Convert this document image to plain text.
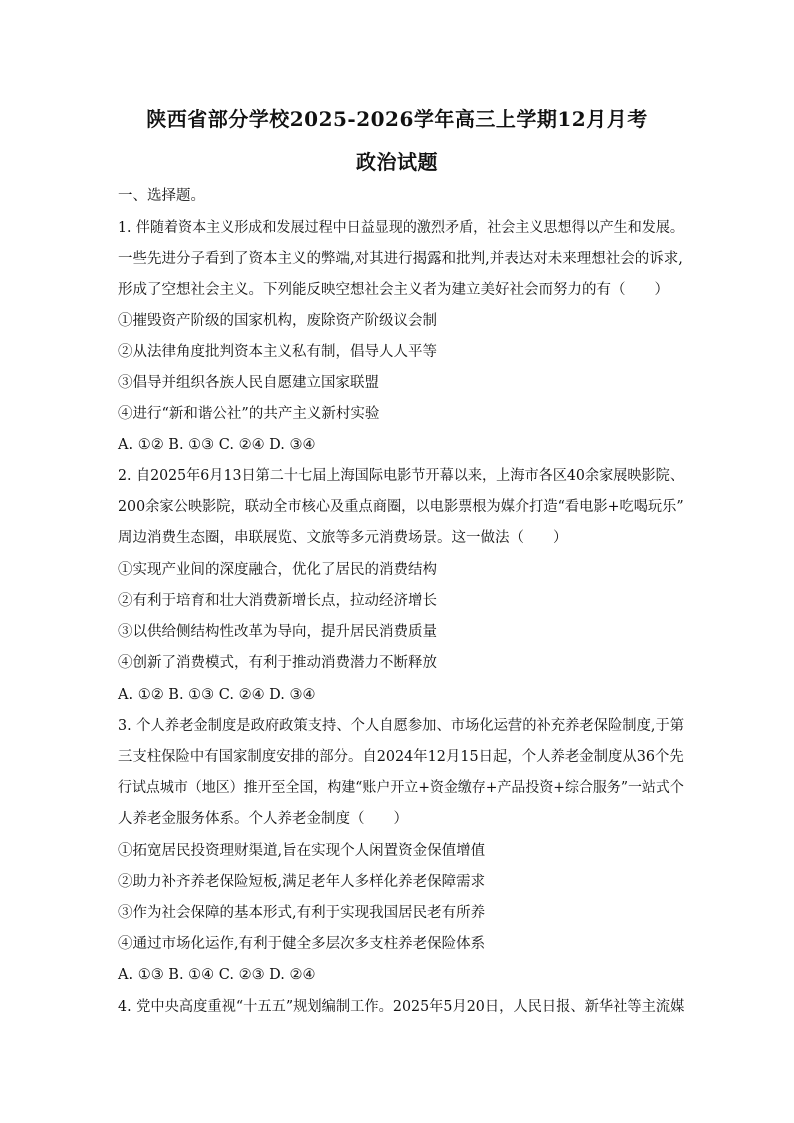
陕西省部分学校2025-2026学年高三上学期12月月考
政治试题
一、选择题。
1. 伴随着资本主义形成和发展过程中日益显现的激烈矛盾，社会主义思想得以产生和发展。
一些先进分子看到了资本主义的弊端,对其进行揭露和批判,并表达对未来理想社会的诉求,
形成了空想社会主义。下列能反映空想社会主义者为建立美好社会而努力的有（　　）
①摧毁资产阶级的国家机构，废除资产阶级议会制
②从法律角度批判资本主义私有制，倡导人人平等
③倡导并组织各族人民自愿建立国家联盟
④进行“新和谐公社”的共产主义新村实验
A. ①② B. ①③ C. ②④ D. ③④
2. 自2025年6月13日第二十七届上海国际电影节开幕以来，上海市各区40余家展映影院、
200余家公映影院，联动全市核心及重点商圈，以电影票根为媒介打造“看电影+吃喝玩乐”
周边消费生态圈，串联展览、文旅等多元消费场景。这一做法（　　）
①实现产业间的深度融合，优化了居民的消费结构
②有利于培育和壮大消费新增长点，拉动经济增长
③以供给侧结构性改革为导向，提升居民消费质量
④创新了消费模式，有利于推动消费潜力不断释放
A. ①② B. ①③ C. ②④ D. ③④
3. 个人养老金制度是政府政策支持、个人自愿参加、市场化运营的补充养老保险制度,于第
三支柱保险中有国家制度安排的部分。自2024年12月15日起，个人养老金制度从36个先
行试点城市（地区）推开至全国，构建“账户开立+资金缴存+产品投资+综合服务”一站式个
人养老金服务体系。个人养老金制度（　　）
①拓宽居民投资理财渠道,旨在实现个人闲置资金保值增值
②助力补齐养老保险短板,满足老年人多样化养老保障需求
③作为社会保障的基本形式,有利于实现我国居民老有所养
④通过市场化运作,有利于健全多层次多支柱养老保险体系
A. ①③ B. ①④ C. ②③ D. ②④
4. 党中央高度重视“十五五”规划编制工作。2025年5月20日，人民日报、新华社等主流媒
